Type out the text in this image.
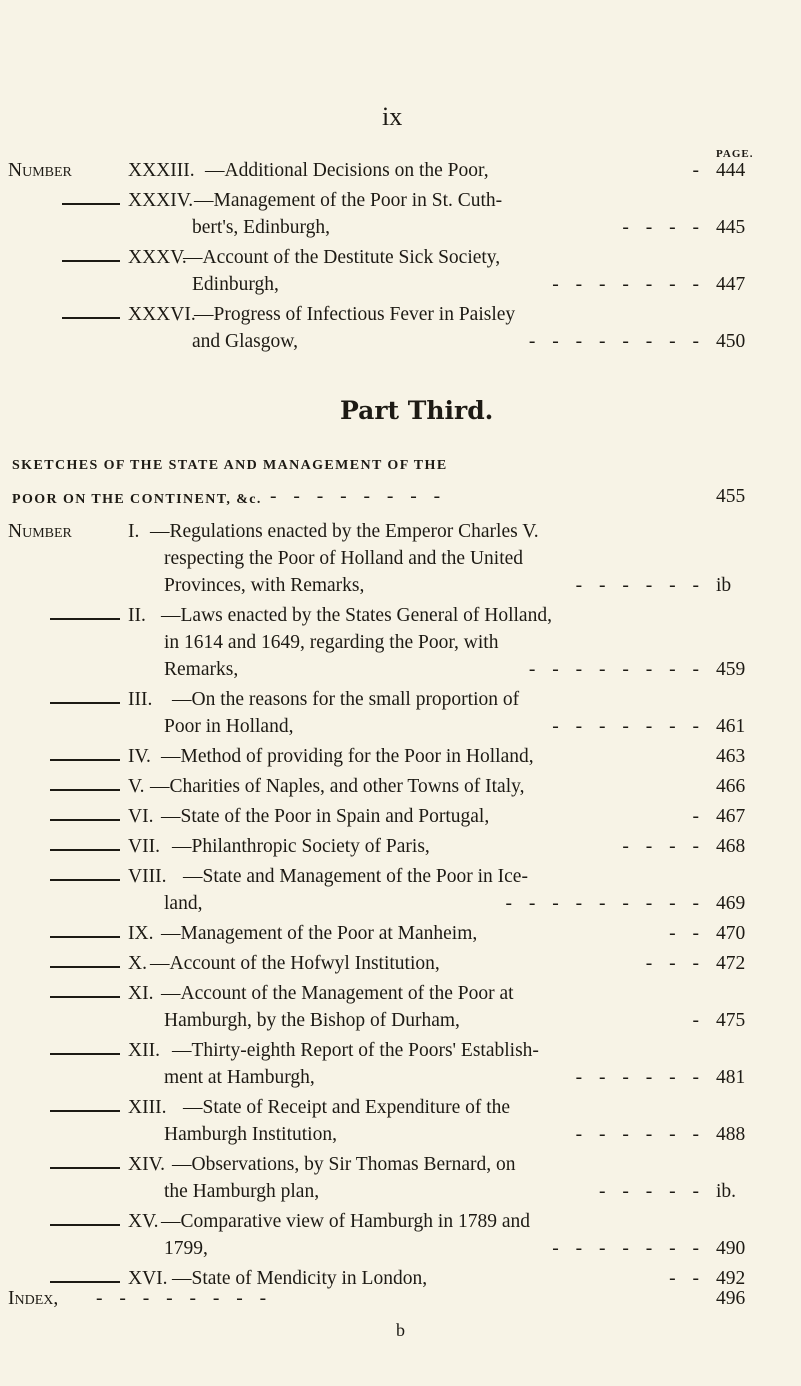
ix
PAGE.
Number	XXXIII. —Additional Decisions on the Poor,	- 444
XXXIV. —Management of the Poor in St. Cuth-
bert's, Edinburgh,	- - - - 445
XXXV.
—Account of the Destitute Sick Society,
Edinburgh,	- - - - - - - 447
XXXVI.
—Progress of Infectious Fever in Paisley
and Glasgow,	- - - - - - - - 450
Part Third.
SKETCHES OF THE STATE AND MANAGEMENT OF THE
POOR ON THE CONTINENT, &c. - - - - - - - -	455
Number	I. —Regulations enacted by the Emperor Charles V.
respecting the Poor of Holland and the United
Provinces, with Remarks,	- - - - - - ib
II. —Laws enacted by the States General of Holland,
in 1614 and 1649, regarding the Poor, with
Remarks,	- - - - - - - - 459
III. —On the reasons for the small proportion of
Poor in Holland,	- - - - - - - 461
IV. —Method of providing for the Poor in Holland,	463
V. —Charities of Naples, and other Towns of Italy,	466
VI. —State of the Poor in Spain and Portugal,	- 467
VII. —Philanthropic Society of Paris,	- - - - 468
VIII. —State and Management of the Poor in Ice-
land,	- - - - - - - - - 469
IX. —Management of the Poor at Manheim,	- - 470
X. —Account of the Hofwyl Institution,	- - - 472
XI. —Account of the Management of the Poor at
Hamburgh, by the Bishop of Durham,	- 475
XII. —Thirty-eighth Report of the Poors' Establish-
ment at Hamburgh,	- - - - - - 481
XIII. —State of Receipt and Expenditure of the
Hamburgh Institution,	- - - - - - 488
XIV. —Observations, by Sir Thomas Bernard, on
the Hamburgh plan,	- - - - - ib.
XV. —Comparative view of Hamburgh in 1789 and
1799,	- - - - - - - 490
XVI. —State of Mendicity in London,	- - 492
Index, - - - - - - - -	496
b
